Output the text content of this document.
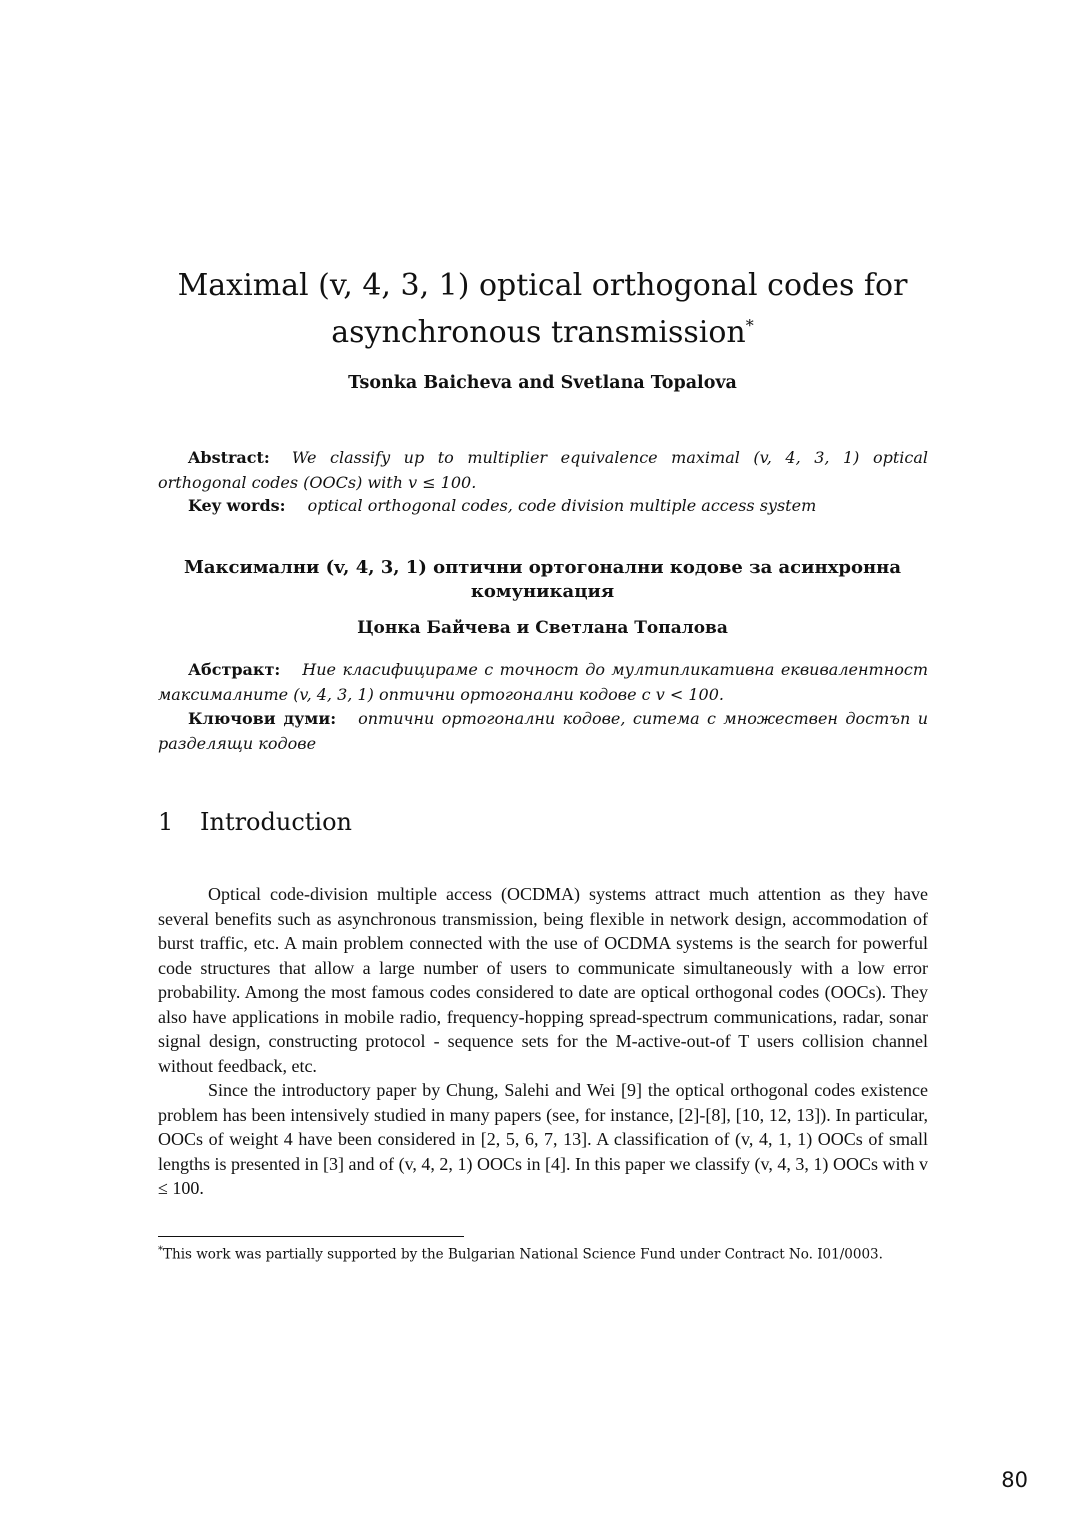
Maximal (v, 4, 3, 1) optical orthogonal codes for
asynchronous transmission*
Tsonka Baicheva and Svetlana Topalova
Abstract: We classify up to multiplier equivalence maximal (v, 4, 3, 1) optical orthogonal codes (OOCs) with v ≤ 100.
Key words: optical orthogonal codes, code division multiple access system
Максимални (v, 4, 3, 1) оптични ортогонални кодове за асинхронна комуникация
Цонка Байчева и Светлана Топалова
Абстракт: Ние класифицираме с точност до мултипликативна еквивалентност максималните (v, 4, 3, 1) оптични ортогонални кодове с v < 100.
Ключови думи: оптични ортогонални кодове, ситема с множествен достъп и разделящи кодове
1 Introduction

Optical code-division multiple access (OCDMA) systems attract much attention as they have several benefits such as asynchronous transmission, being flexible in network design, accommodation of burst traffic, etc. A main problem connected with the use of OCDMA systems is the search for powerful code structures that allow a large number of users to communicate simultaneously with a low error probability. Among the most famous codes considered to date are optical orthogonal codes (OOCs). They also have applications in mobile radio, frequency-hopping spread-spectrum communications, radar, sonar signal design, constructing protocol - sequence sets for the M-active-out-of T users collision channel without feedback, etc.

Since the introductory paper by Chung, Salehi and Wei [9] the optical orthogonal codes existence problem has been intensively studied in many papers (see, for instance, [2]-[8], [10, 12, 13]). In particular, OOCs of weight 4 have been considered in [2, 5, 6, 7, 13]. A classification of (v, 4, 1, 1) OOCs of small lengths is presented in [3] and of (v, 4, 2, 1) OOCs in [4]. In this paper we classify (v, 4, 3, 1) OOCs with v ≤ 100.

*This work was partially supported by the Bulgarian National Science Fund under Contract No. I01/0003.
80
